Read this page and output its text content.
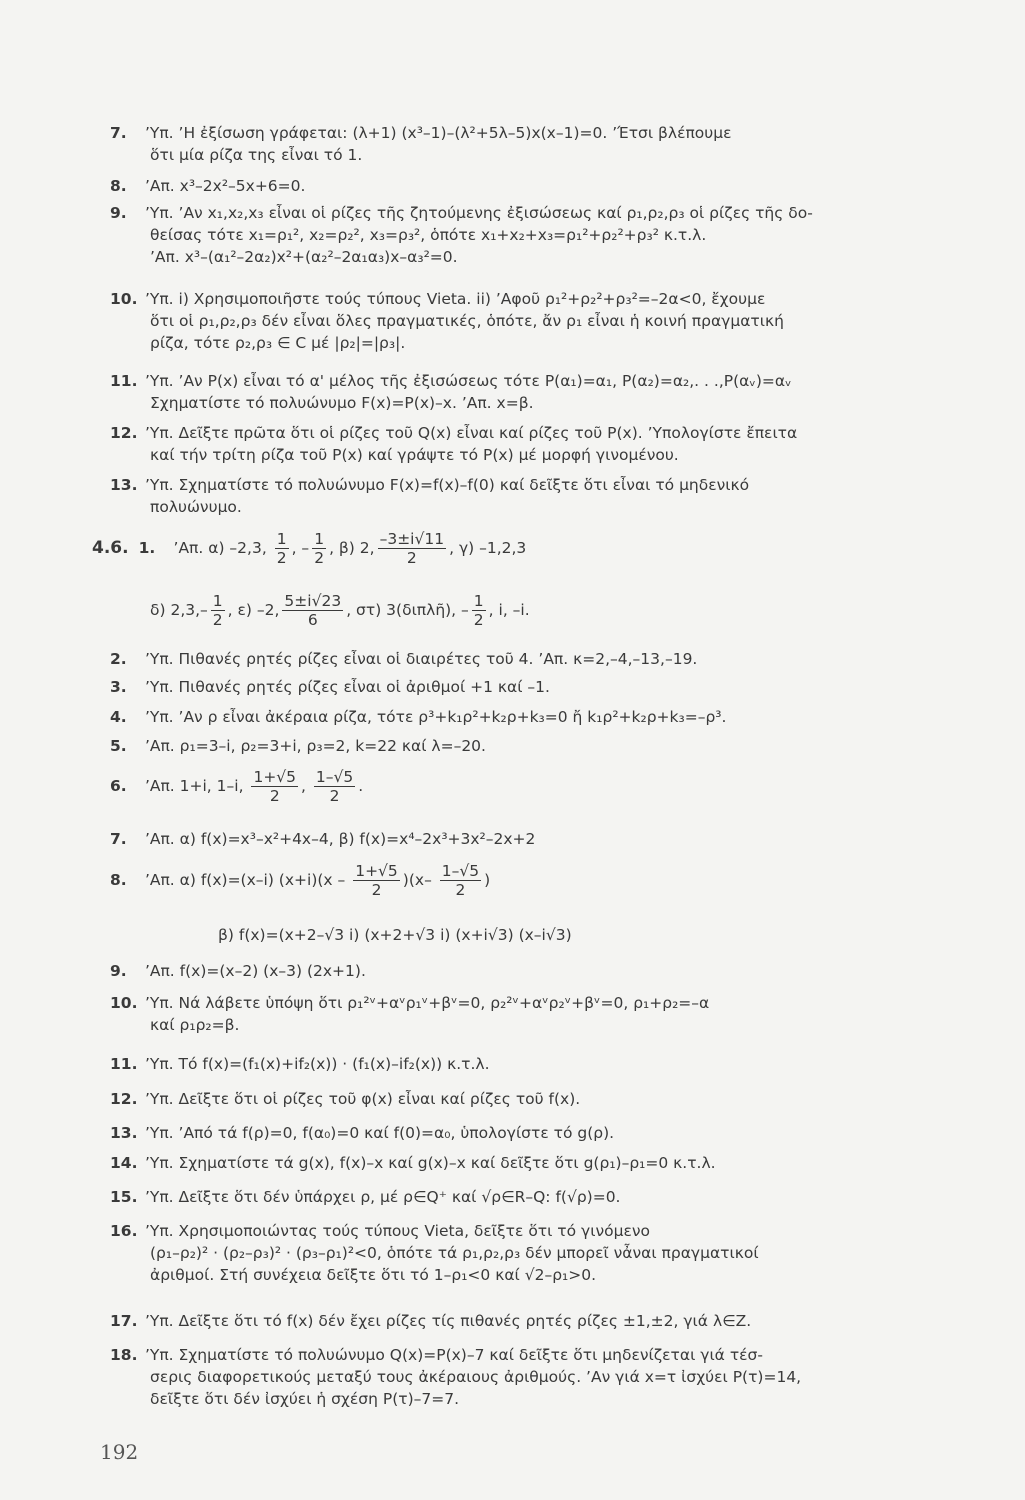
7. ’Υπ. ’Η ἐξίσωση γράφεται: (λ+1) (x³–1)–(λ²+5λ–5)x(x–1)=0. ’Έτσι βλέπουμε
ὅτι μία ρίζα της εἶναι τό 1.
8. ’Απ. x³–2x²–5x+6=0.
9. ’Υπ. ’Αν x₁,x₂,x₃ εἶναι οἱ ρίζες τῆς ζητούμενης ἐξισώσεως καί ρ₁,ρ₂,ρ₃ οἱ ρίζες τῆς δο-
θείσας τότε x₁=ρ₁², x₂=ρ₂², x₃=ρ₃², ὁπότε x₁+x₂+x₃=ρ₁²+ρ₂²+ρ₃² κ.τ.λ.
’Απ. x³–(α₁²–2α₂)x²+(α₂²–2α₁α₃)x–α₃²=0.
10. ’Υπ. i) Χρησιμοποιῆστε τούς τύπους Vieta. ii) ’Αφοῦ ρ₁²+ρ₂²+ρ₃²=–2α<0, ἔχουμε
ὅτι οἱ ρ₁,ρ₂,ρ₃ δέν εἶναι ὅλες πραγματικές, ὁπότε, ἄν ρ₁ εἶναι ἡ κοινή πραγματική
ρίζα, τότε ρ₂,ρ₃ ∈ C μέ |ρ₂|=|ρ₃|.
11. ’Υπ. ’Αν P(x) εἶναι τό α' μέλος τῆς ἐξισώσεως τότε P(α₁)=α₁, P(α₂)=α₂,. . .,P(αᵥ)=αᵥ
Σχηματίστε τό πολυώνυμο F(x)=P(x)–x. ’Απ. x=β.
12. ’Υπ. Δεῖξτε πρῶτα ὅτι οἱ ρίζες τοῦ Q(x) εἶναι καί ρίζες τοῦ P(x). ’Υπολογίστε ἔπειτα
καί τήν τρίτη ρίζα τοῦ P(x) καί γράψτε τό P(x) μέ μορφή γινομένου.
13. ’Υπ. Σχηματίστε τό πολυώνυμο F(x)=f(x)–f(0) καί δεῖξτε ὅτι εἶναι τό μηδενικό
πολυώνυμο.
4.6. 1. ’Απ. α) –2,3, $\frac{1}{2}$ , – $\frac{1}{2}$ , β) 2, $\frac{-3\pm i√11}{2}$ , γ) –1,2,3
δ) $2,3,- \frac{1}{2}$ , ε) –2, $\frac{5\pm i√23}{6}$ , στ) 3(διπλῆ), – $\frac{1}{2}$ , i, –i.
2. ’Υπ. Πιθανές ρητές ρίζες εἶναι οἱ διαιρέτες τοῦ 4. ’Απ. κ=2,–4,–13,–19.
3. ’Υπ. Πιθανές ρητές ρίζες εἶναι οἱ ἀριθμοί +1 καί –1.
4. ’Υπ. ’Αν ρ εἶναι ἀκέραια ρίζα, τότε ρ³+k₁ρ²+k₂ρ+k₃=0 ἤ k₁ρ²+k₂ρ+k₃=–ρ³.
5. ’Απ. ρ₁=3–i, ρ₂=3+i, ρ₃=2, k=22 καί λ=–20.
6. ’Απ. 1+i, 1–i, $\frac{1+√5}{2}$ , $\frac{1-√5}{2}$ .
7. ’Απ. α) f(x)=x³–x²+4x–4, β) f(x)=x⁴–2x³+3x²–2x+2
8. ’Απ. α) f(x)=(x–i) $(x+i)(x - \frac{1+√5}{2} )(x- \frac{1-√5}{2}$ )
β) f(x)=(x+2–√3 i) (x+2+√3 i) (x+i√3) (x–i√3)
9. ’Απ. f(x)=(x–2) (x–3) (2x+1).
10. ’Υπ. Νά λάβετε ὑπόψη ὅτι ρ₁²ᵛ+αᵛρ₁ᵛ+βᵛ=0, ρ₂²ᵛ+αᵛρ₂ᵛ+βᵛ=0, ρ₁+ρ₂=–α
καί ρ₁ρ₂=β.
11. ’Υπ. Τό f(x)=(f₁(x)+if₂(x)) · (f₁(x)–if₂(x)) κ.τ.λ.
12. ’Υπ. Δεῖξτε ὅτι οἱ ρίζες τοῦ φ(x) εἶναι καί ρίζες τοῦ f(x).
13. ’Υπ. ’Από τά f(ρ)=0, f(α₀)=0 καί f(0)=α₀, ὑπολογίστε τό g(ρ).
14. ’Υπ. Σχηματίστε τά g(x), f(x)–x καί g(x)–x καί δεῖξτε ὅτι g(ρ₁)–ρ₁=0 κ.τ.λ.
15. ’Υπ. Δεῖξτε ὅτι δέν ὑπάρχει ρ, μέ ρ∈Q⁺ καί √ρ∈R–Q: f(√ρ)=0.
16. ’Υπ. Χρησιμοποιώντας τούς τύπους Vieta, δεῖξτε ὅτι τό γινόμενο
(ρ₁–ρ₂)² · (ρ₂–ρ₃)² · (ρ₃–ρ₁)²<0, ὁπότε τά ρ₁,ρ₂,ρ₃ δέν μπορεῖ νἆναι πραγματικοί
ἀριθμοί. Στή συνέχεια δεῖξτε ὅτι τό 1–ρ₁<0 καί √2–ρ₁>0.
17. ’Υπ. Δεῖξτε ὅτι τό f(x) δέν ἔχει ρίζες τίς πιθανές ρητές ρίζες ±1,±2, γιά λ∈Z.
18. ’Υπ. Σχηματίστε τό πολυώνυμο Q(x)=P(x)–7 καί δεῖξτε ὅτι μηδενίζεται γιά τέσ-
σερις διαφορετικούς μεταξύ τους ἀκέραιους ἀριθμούς. ’Αν γιά x=τ ἰσχύει P(τ)=14,
δεῖξτε ὅτι δέν ἰσχύει ἡ σχέση P(τ)–7=7.
192
